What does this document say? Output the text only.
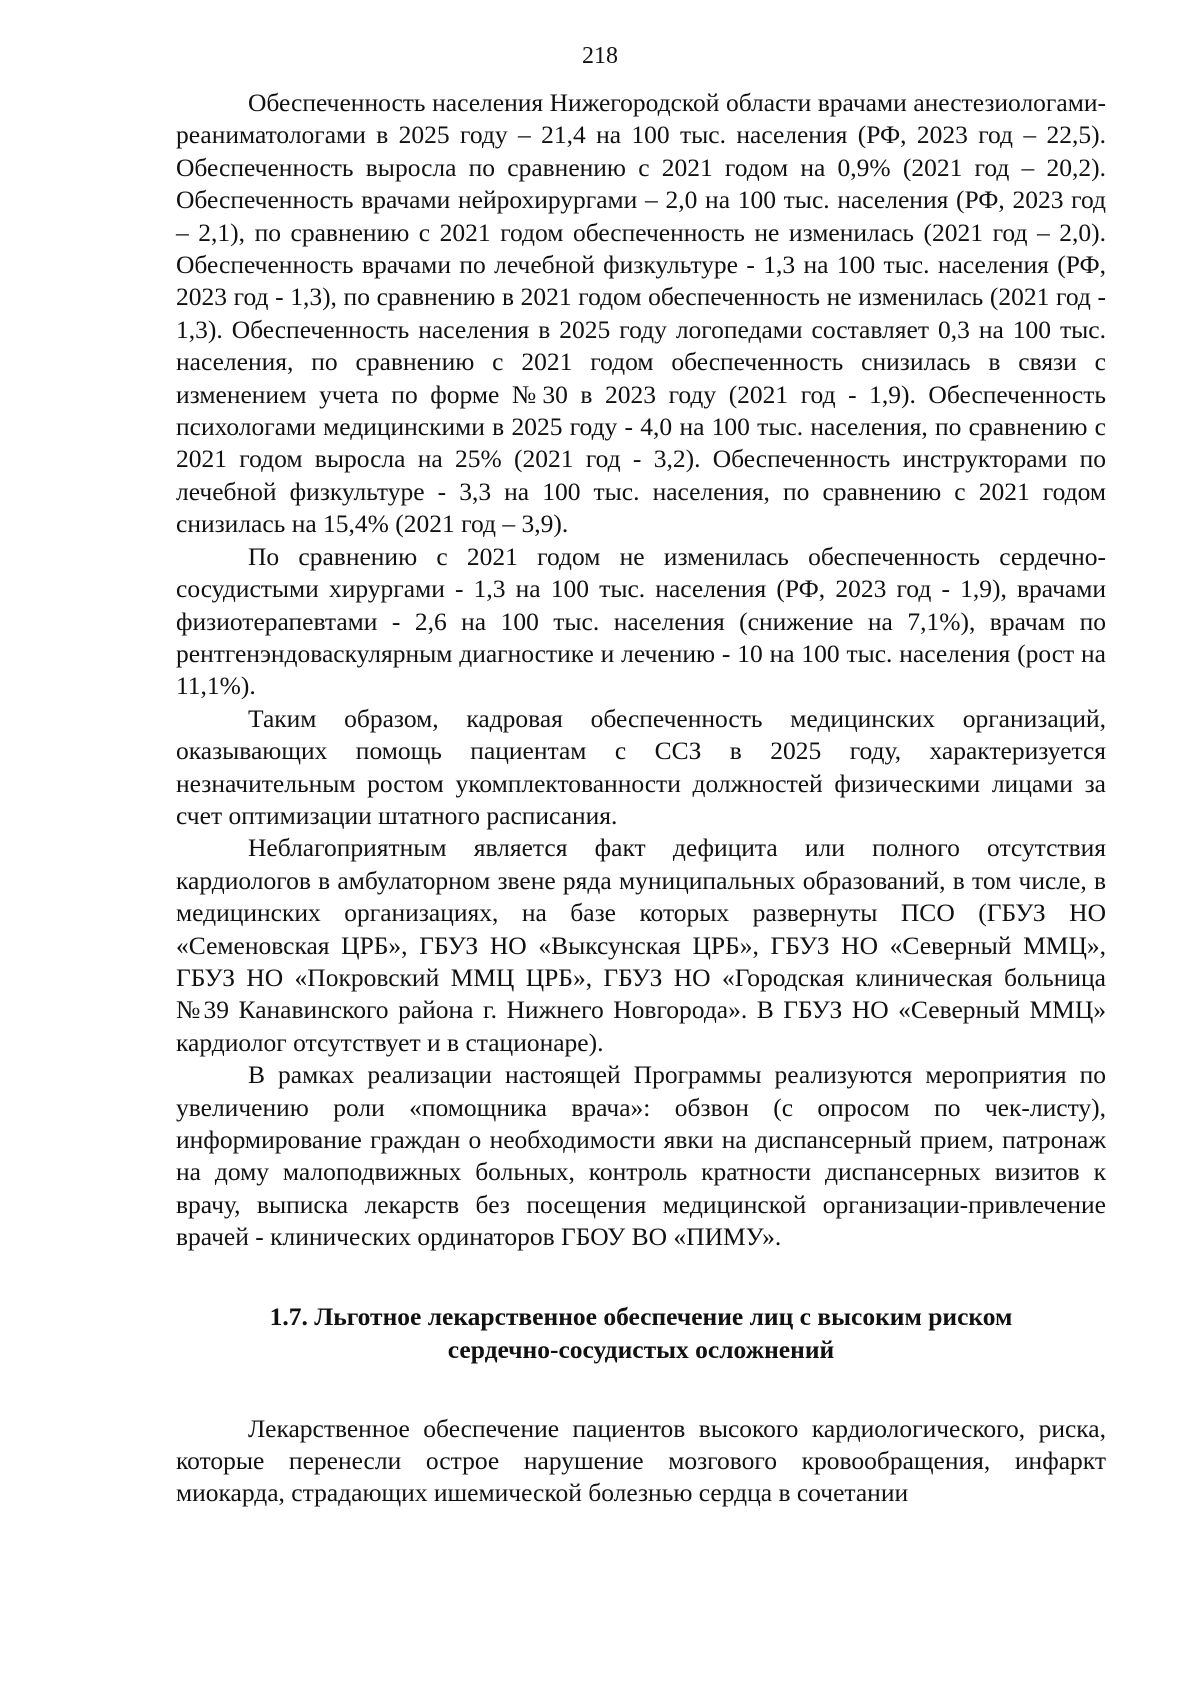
218

Обеспеченность населения Нижегородской области врачами анестезиологами-реаниматологами в 2025 году – 21,4 на 100 тыс. населения (РФ, 2023 год – 22,5). Обеспеченность выросла по сравнению с 2021 годом на 0,9% (2021 год – 20,2). Обеспеченность врачами нейрохирургами – 2,0 на 100 тыс. населения (РФ, 2023 год – 2,1), по сравнению с 2021 годом обеспеченность не изменилась (2021 год – 2,0). Обеспеченность врачами по лечебной физкультуре - 1,3 на 100 тыс. населения (РФ, 2023 год - 1,3), по сравнению в 2021 годом обеспеченность не изменилась (2021 год - 1,3). Обеспеченность населения в 2025 году логопедами составляет 0,3 на 100 тыс. населения, по сравнению с 2021 годом обеспеченность снизилась в связи с изменением учета по форме №30 в 2023 году (2021 год - 1,9). Обеспеченность психологами медицинскими в 2025 году - 4,0 на 100 тыс. населения, по сравнению с 2021 годом выросла на 25% (2021 год - 3,2). Обеспеченность инструкторами по лечебной физкультуре - 3,3 на 100 тыс. населения, по сравнению с 2021 годом снизилась на 15,4% (2021 год – 3,9).

По сравнению с 2021 годом не изменилась обеспеченность сердечно-сосудистыми хирургами - 1,3 на 100 тыс. населения (РФ, 2023 год - 1,9), врачами физиотерапевтами - 2,6 на 100 тыс. населения (снижение на 7,1%), врачам по рентгенэндоваскулярным диагностике и лечению - 10 на 100 тыс. населения (рост на 11,1%).

Таким образом, кадровая обеспеченность медицинских организаций, оказывающих помощь пациентам с ССЗ в 2025 году, характеризуется незначительным ростом укомплектованности должностей физическими лицами за счет оптимизации штатного расписания.

Неблагоприятным является факт дефицита или полного отсутствия кардиологов в амбулаторном звене ряда муниципальных образований, в том числе, в медицинских организациях, на базе которых развернуты ПСО (ГБУЗ НО «Семеновская ЦРБ», ГБУЗ НО «Выксунская ЦРБ», ГБУЗ НО «Северный ММЦ», ГБУЗ НО «Покровский ММЦ ЦРБ», ГБУЗ НО «Городская клиническая больница №39 Канавинского района г. Нижнего Новгорода». В ГБУЗ НО «Северный ММЦ» кардиолог отсутствует и в стационаре).

В рамках реализации настоящей Программы реализуются мероприятия по увеличению роли «помощника врача»: обзвон (с опросом по чек-листу), информирование граждан о необходимости явки на диспансерный прием, патронаж на дому малоподвижных больных, контроль кратности диспансерных визитов к врачу, выписка лекарств без посещения медицинской организации-привлечение врачей - клинических ординаторов ГБОУ ВО «ПИМУ».

1.7. Льготное лекарственное обеспечение лиц с высоким риском
сердечно-сосудистых осложнений

Лекарственное обеспечение пациентов высокого кардиологического, риска, которые перенесли острое нарушение мозгового кровообращения, инфаркт миокарда, страдающих ишемической болезнью сердца в сочетании
